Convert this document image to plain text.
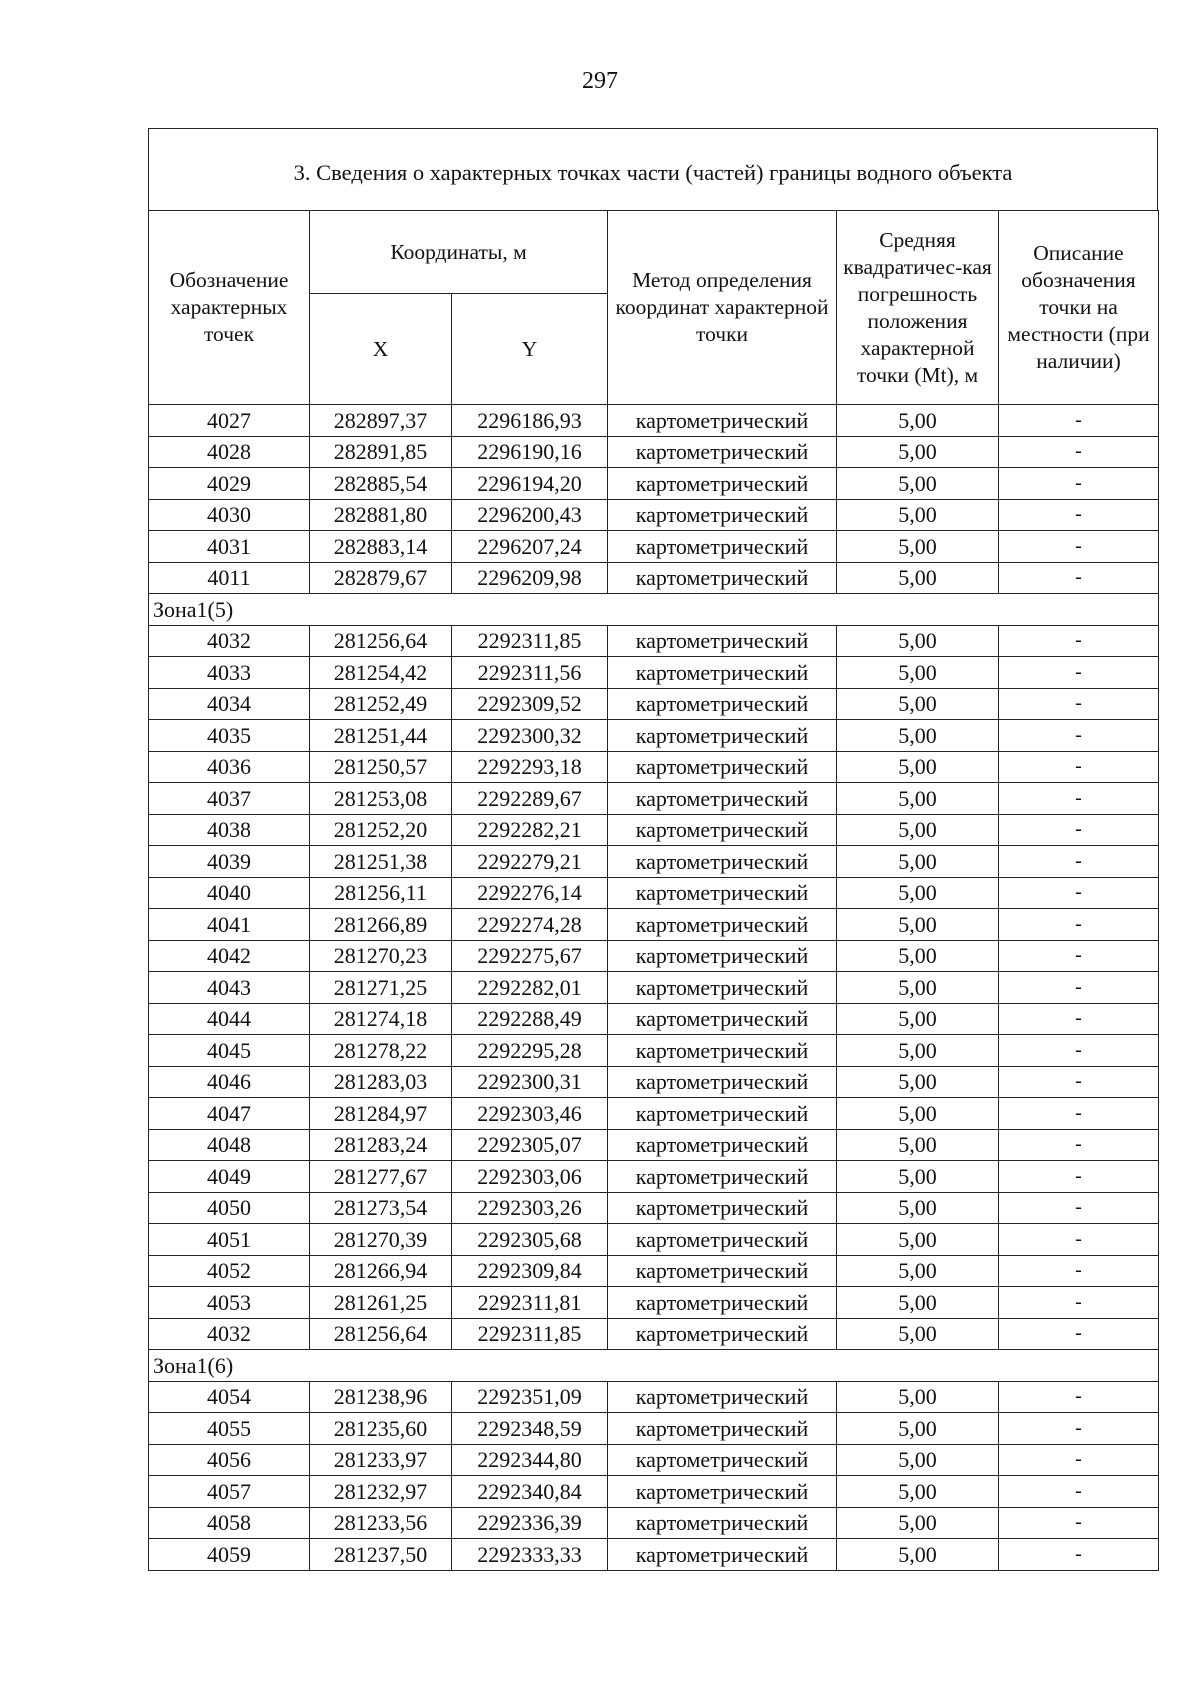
297
3. Сведения о характерных точках части (частей) границы водного объекта
Обозначение характерных точек	Координаты, м		Метод определения координат характерной точки	Средняя квадратичес-кая погрешность положения характерной точки (Mt), м	Описание обозначения точки на местности (при наличии)
	X	Y			
4027	282897,37	2296186,93	картометрический	5,00	-
4028	282891,85	2296190,16	картометрический	5,00	-
4029	282885,54	2296194,20	картометрический	5,00	-
4030	282881,80	2296200,43	картометрический	5,00	-
4031	282883,14	2296207,24	картометрический	5,00	-
4011	282879,67	2296209,98	картометрический	5,00	-
Зона1(5)					
4032	281256,64	2292311,85	картометрический	5,00	-
4033	281254,42	2292311,56	картометрический	5,00	-
4034	281252,49	2292309,52	картометрический	5,00	-
4035	281251,44	2292300,32	картометрический	5,00	-
4036	281250,57	2292293,18	картометрический	5,00	-
4037	281253,08	2292289,67	картометрический	5,00	-
4038	281252,20	2292282,21	картометрический	5,00	-
4039	281251,38	2292279,21	картометрический	5,00	-
4040	281256,11	2292276,14	картометрический	5,00	-
4041	281266,89	2292274,28	картометрический	5,00	-
4042	281270,23	2292275,67	картометрический	5,00	-
4043	281271,25	2292282,01	картометрический	5,00	-
4044	281274,18	2292288,49	картометрический	5,00	-
4045	281278,22	2292295,28	картометрический	5,00	-
4046	281283,03	2292300,31	картометрический	5,00	-
4047	281284,97	2292303,46	картометрический	5,00	-
4048	281283,24	2292305,07	картометрический	5,00	-
4049	281277,67	2292303,06	картометрический	5,00	-
4050	281273,54	2292303,26	картометрический	5,00	-
4051	281270,39	2292305,68	картометрический	5,00	-
4052	281266,94	2292309,84	картометрический	5,00	-
4053	281261,25	2292311,81	картометрический	5,00	-
4032	281256,64	2292311,85	картометрический	5,00	-
Зона1(6)					
4054	281238,96	2292351,09	картометрический	5,00	-
4055	281235,60	2292348,59	картометрический	5,00	-
4056	281233,97	2292344,80	картометрический	5,00	-
4057	281232,97	2292340,84	картометрический	5,00	-
4058	281233,56	2292336,39	картометрический	5,00	-
4059	281237,50	2292333,33	картометрический	5,00	-
